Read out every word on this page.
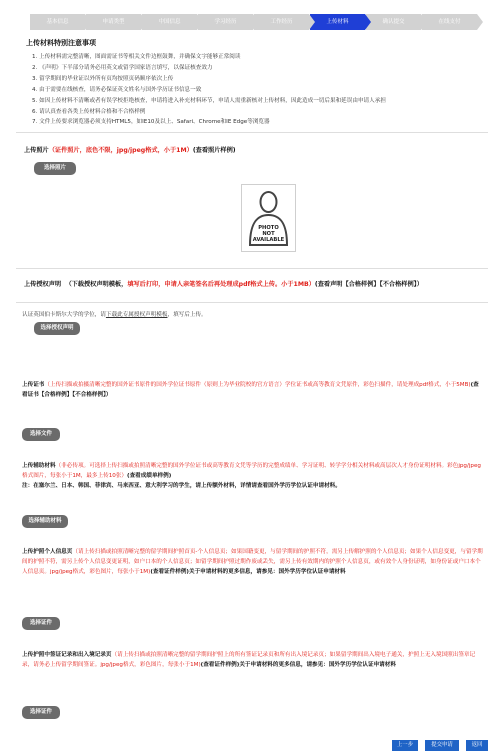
基本信息	申请类型	中国信息	学习经历	工作经历	上传材料	确认提交	在线支付
上传材料特别注意事项
1. 上传材料需完整清晰，图面需证书等相关文件边框鼓舞，并确保文字能够正常阅读
2. 《声明》下半部分请务必用英文或留学国家语言填写，以保证核查效力
3. 留学期间的毕业证以外所有页均按照页码顺序依次上传
4. 由于需要在线核查，请务必保证英文姓名与国外学历证书信息一致
5. 如因上传材料不清晰或者有误学校拒绝核查，申请将进入补充材料环节，申请人需重新核对上传材料，因此造成一切后果和延误由申请人承担
6. 请认真查看各类上传材料合格和不合格样例
7. 文件上传要求浏览器必须支持HTML5，如IE10及以上、Safari、Chrome和IE Edge等浏览器
上传照片（证件照片，底色不限，jpg/jpeg格式，小于1M）(查看照片样例)
选择照片
PHOTO
NOT
AVAILABLE
上传授权声明 （下载授权声明模板，填写后打印，申请人亲笔签名后再处理成pdf格式上传。小于1MB）(查看声明【合格样例】【不合格样例】）
认证英国伯卡斯尔大学的学位，请下载此专属授权声明模板，填写后上传。
选择授权声明
上传证书（上传扫描或拍摄清晰完整的国外证书原件的国外学位证书原件（原则上为毕业院校的官方语言）学位证书或高等教育文凭原件，彩色扫描件，请处理成pdf格式，小于5MB)(查看证书【合格样例】【不合格样例】）
选择文件
上传辅助材料（非必传项。可选择上传扫描或拍照清晰完整的国外学位证书或高等教育文凭等学历的完整成绩单、学习证明、转学学分相关材料或高层次人才身份证明材料。彩色jpg/jpeg格式图片，每张小于1M，最多上传10张）(查看成绩单样例)
注：在塞尔兰、日本、韩国、菲律宾、马来西亚、意大利学习的学生，请上传额外材料，详情请查看国外学历学位认证申请材料。
选择辅助材料
上传护照个人信息页（请上传扫描或拍照清晰完整的留学期间护照首页-个人信息页；如果国籍变更，与留学期间的护照不符，需另上传解护照的个人信息页；如果个人信息变更，与留学期间的护照不符，需另上传个人信息变更证明，如户口本的个人信息页；如留学期间护照过期作废或丢失，需另上传有效期内的护照个人信息页，或有效个人身份证明，如身份证或户口本个人信息页。jpg/jpeg格式，彩色图片，每张小于1M)(查看证件样例)关于申请材料的更多信息，请参见：国外学历学位认证申请材料
选择证件
上传护照中签证记录和出入境记录页（请上传扫描或拍照清晰完整的留学期间护照上的所有签证记录页和所有出入境记录页；如果留学期间出入境电子通关，护照上无入境国照出签章记录，请务必上传留学期间签证。jpg/jpeg格式，彩色图片，每张小于1M)(查看证件样例)关于申请材料的更多信息，请参见：国外学历学位认证申请材料
选择证件
上一步	提交申请	返回
